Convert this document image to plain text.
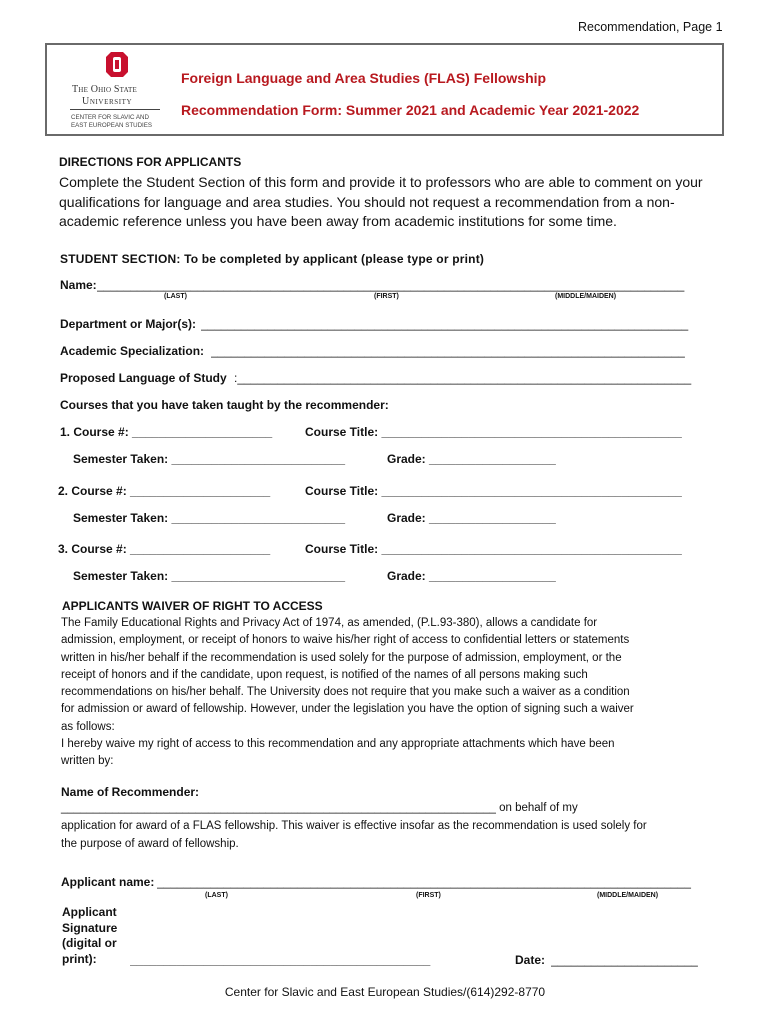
Recommendation, Page 1
The Ohio State
University
CENTER FOR SLAVIC AND
EAST EUROPEAN STUDIES
Foreign Language and Area Studies (FLAS) Fellowship
Recommendation Form: Summer 2021 and Academic Year 2021-2022
DIRECTIONS FOR APPLICANTS
Complete the Student Section of this form and provide it to professors who are able to comment on your
qualifications for language and area studies. You should not request a recommendation from a non-
academic reference unless you have been away from academic institutions for some time.
STUDENT SECTION: To be completed by applicant (please type or print)
Name: ________________________________________________________________________________________
(LAST)	(FIRST)	(MIDDLE/MAIDEN)
Department or Major(s): _________________________________________________________________________
Academic Specialization: _______________________________________________________________________
Proposed Language of Study :____________________________________________________________________
Courses that you have taken taught by the recommender:
1. Course #: _____________________	Course Title: _____________________________________________
Semester Taken: __________________________	Grade: ___________________
2. Course #: _____________________	Course Title: _____________________________________________
Semester Taken: __________________________	Grade: ___________________
3. Course #: _____________________	Course Title: _____________________________________________
Semester Taken: __________________________	Grade: ___________________
APPLICANTS WAIVER OF RIGHT TO ACCESS
The Family Educational Rights and Privacy Act of 1974, as amended, (P.L.93-380), allows a candidate for
admission, employment, or receipt of honors to waive his/her right of access to confidential letters or statements
written in his/her behalf if the recommendation is used solely for the purpose of admission, employment, or the
receipt of honors and if the candidate, upon request, is notified of the names of all persons making such
recommendations on his/her behalf. The University does not require that you make such a waiver as a condition
for admission or award of fellowship. However, under the legislation you have the option of signing such a waiver
as follows:
I hereby waive my right of access to this recommendation and any appropriate attachments which have been
written by:
Name of Recommender:
____________________________________________________________________ on behalf of my
application for award of a FLAS fellowship. This waiver is effective insofar as the recommendation is used solely for
the purpose of award of fellowship.
Applicant name: ________________________________________________________________________________
(LAST)	(FIRST)	(MIDDLE/MAIDEN)
Applicant
Signature
(digital or
print):	_____________________________________________	Date: ______________________
Center for Slavic and East European Studies/(614)292-8770
